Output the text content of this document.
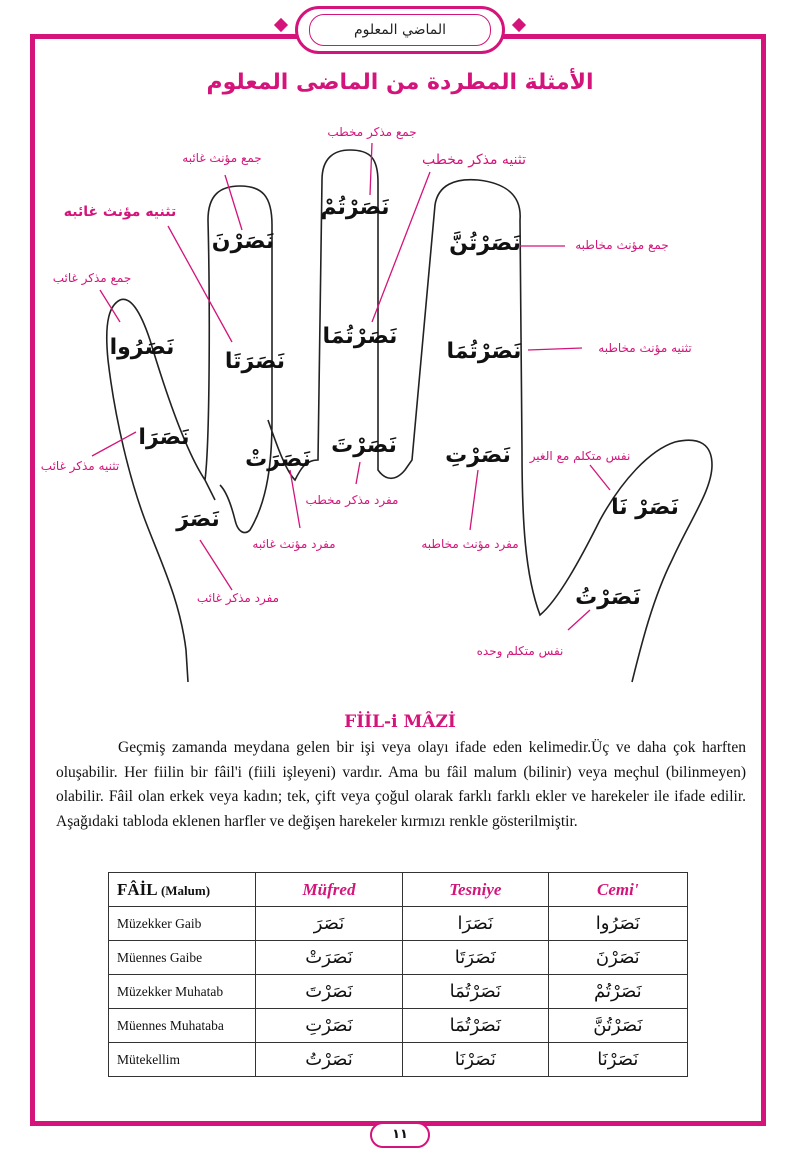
الماضي المعلوم
الأمثلة المطردة من الماضى المعلوم
جمع مذكر غائب
تثنيه مذكر غائب
مفرد مذكر غائب
جمع مؤنث غائبه
تثنيه مؤنث غائبه
مفرد مؤنث غائبه
جمع مذكر مخطب
تثنيه مذكر مخطب
مفرد مذكر مخطب
جمع مؤنث مخاطبه
تثنيه مؤنث مخاطبه
مفرد مؤنث مخاطبه
نفس متكلم مع الغير
نفس متكلم وحده
نَصَرُوا
نَصَرَا
نَصَرَ
نَصَرْنَ
نَصَرَتَا
نَصَرَتْ
نَصَرْتُمْ
نَصَرْتُمَا
نَصَرْتَ
نَصَرْتُنَّ
نَصَرْتُمَا
نَصَرْتِ
نَصَرْ نَا
نَصَرْتُ
FİİL-i MÂZİ

Geçmiş zamanda meydana gelen bir işi veya olayı ifade eden kelimedir.Üç ve daha çok harften oluşabilir. Her fiilin bir fâil'i (fiili işleyeni) vardır. Ama bu fâil malum (bilinir) veya meçhul (bilinmeyen) olabilir. Fâil olan erkek veya kadın; tek, çift veya çoğul olarak farklı farklı ekler ve harekeler ile ifade edilir. Aşağıdaki tabloda eklenen harfler ve değişen harekeler kırmızı renkle gösterilmiştir.

FÂİL (Malum)	Müfred	Tesniye	Cemi'
Müzekker Gaib	نَصَرَ	نَصَرَا	نَصَرُوا
Müennes Gaibe	نَصَرَتْ	نَصَرَتَا	نَصَرْنَ
Müzekker Muhatab	نَصَرْتَ	نَصَرْتُمَا	نَصَرْتُمْ
Müennes Muhataba	نَصَرْتِ	نَصَرْتُمَا	نَصَرْتُنَّ
Mütekellim	نَصَرْتُ	نَصَرْنَا	نَصَرْنَا
١١
